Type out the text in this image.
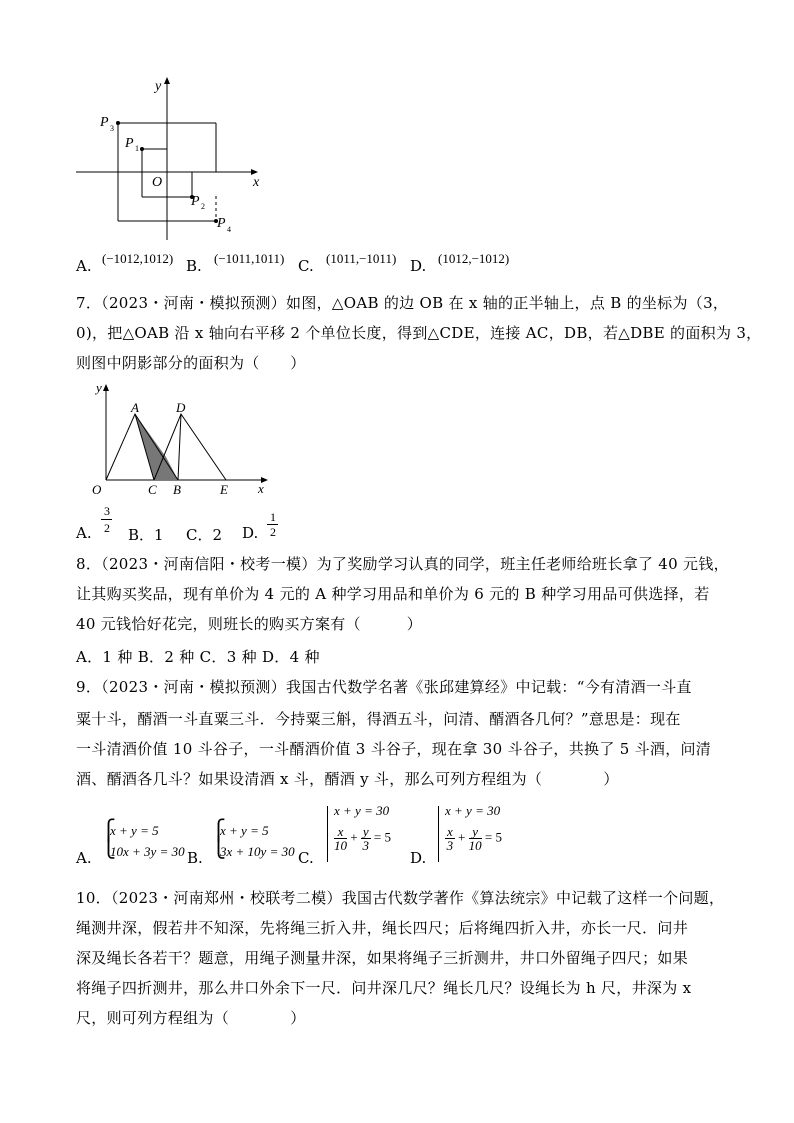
y
x
O
P 1
P 2
P 3
P 4
A. (−1012,1012) B. (−1011,1011) C. (1011,−1011) D. (1012,−1012)
7．（2023・河南・模拟预测）如图，△OAB 的边 OB 在 x 轴的正半轴上，点 B 的坐标为（3，
0)，把△OAB 沿 x 轴向右平移 2 个单位长度，得到△CDE，连接 AC，DB，若△DBE 的面积为 3，
则图中阴影部分的面积为（　　）
y
x
O
A	D
C B	E
A.
3
2 B．1 C．2 D.
1
2
8．（2023・河南信阳・校考一模）为了奖励学习认真的同学，班主任老师给班长拿了 40 元钱，
让其购买奖品，现有单价为 4 元的 A 种学习用品和单价为 6 元的 B 种学习用品可供选择，若
40 元钱恰好花完，则班长的购买方案有（　　　）
A．1 种 B．2 种 C．3 种 D．4 种
9．（2023・河南・模拟预测）我国古代数学名著《张邱建算经》中记载：“今有清酒一斗直
粟十斗，醑酒一斗直粟三斗．今持粟三斛，得酒五斗，问清、醑酒各几何？”意思是：现在
一斗清酒价值 10 斗谷子，一斗醑酒价值 3 斗谷子，现在拿 30 斗谷子，共换了 5 斗酒，问清
酒、醑酒各几斗？如果设清酒 x 斗，醑酒 y 斗，那么可列方程组为（　　　　）
A.
⎧
⎩
x + y = 5
10x + 3y = 30 B.
⎧
⎩
x + y = 5
3x + 10y = 30 C.
x + y = 30
$\frac{x}{10} + \frac{y}{3} = 5$
D.
x + y = 30
$\frac{x}{3} + \frac{y}{10} = 5$
10．（2023・河南郑州・校联考二模）我国古代数学著作《算法统宗》中记载了这样一个问题，
绳测井深，假若井不知深，先将绳三折入井，绳长四尺；后将绳四折入井，亦长一尺．问井
深及绳长各若干？题意，用绳子测量井深，如果将绳子三折测井，井口外留绳子四尺；如果
将绳子四折测井，那么井口外余下一尺．问井深几尺？绳长几尺？设绳长为 h 尺，井深为 x
尺，则可列方程组为（　　　　）
